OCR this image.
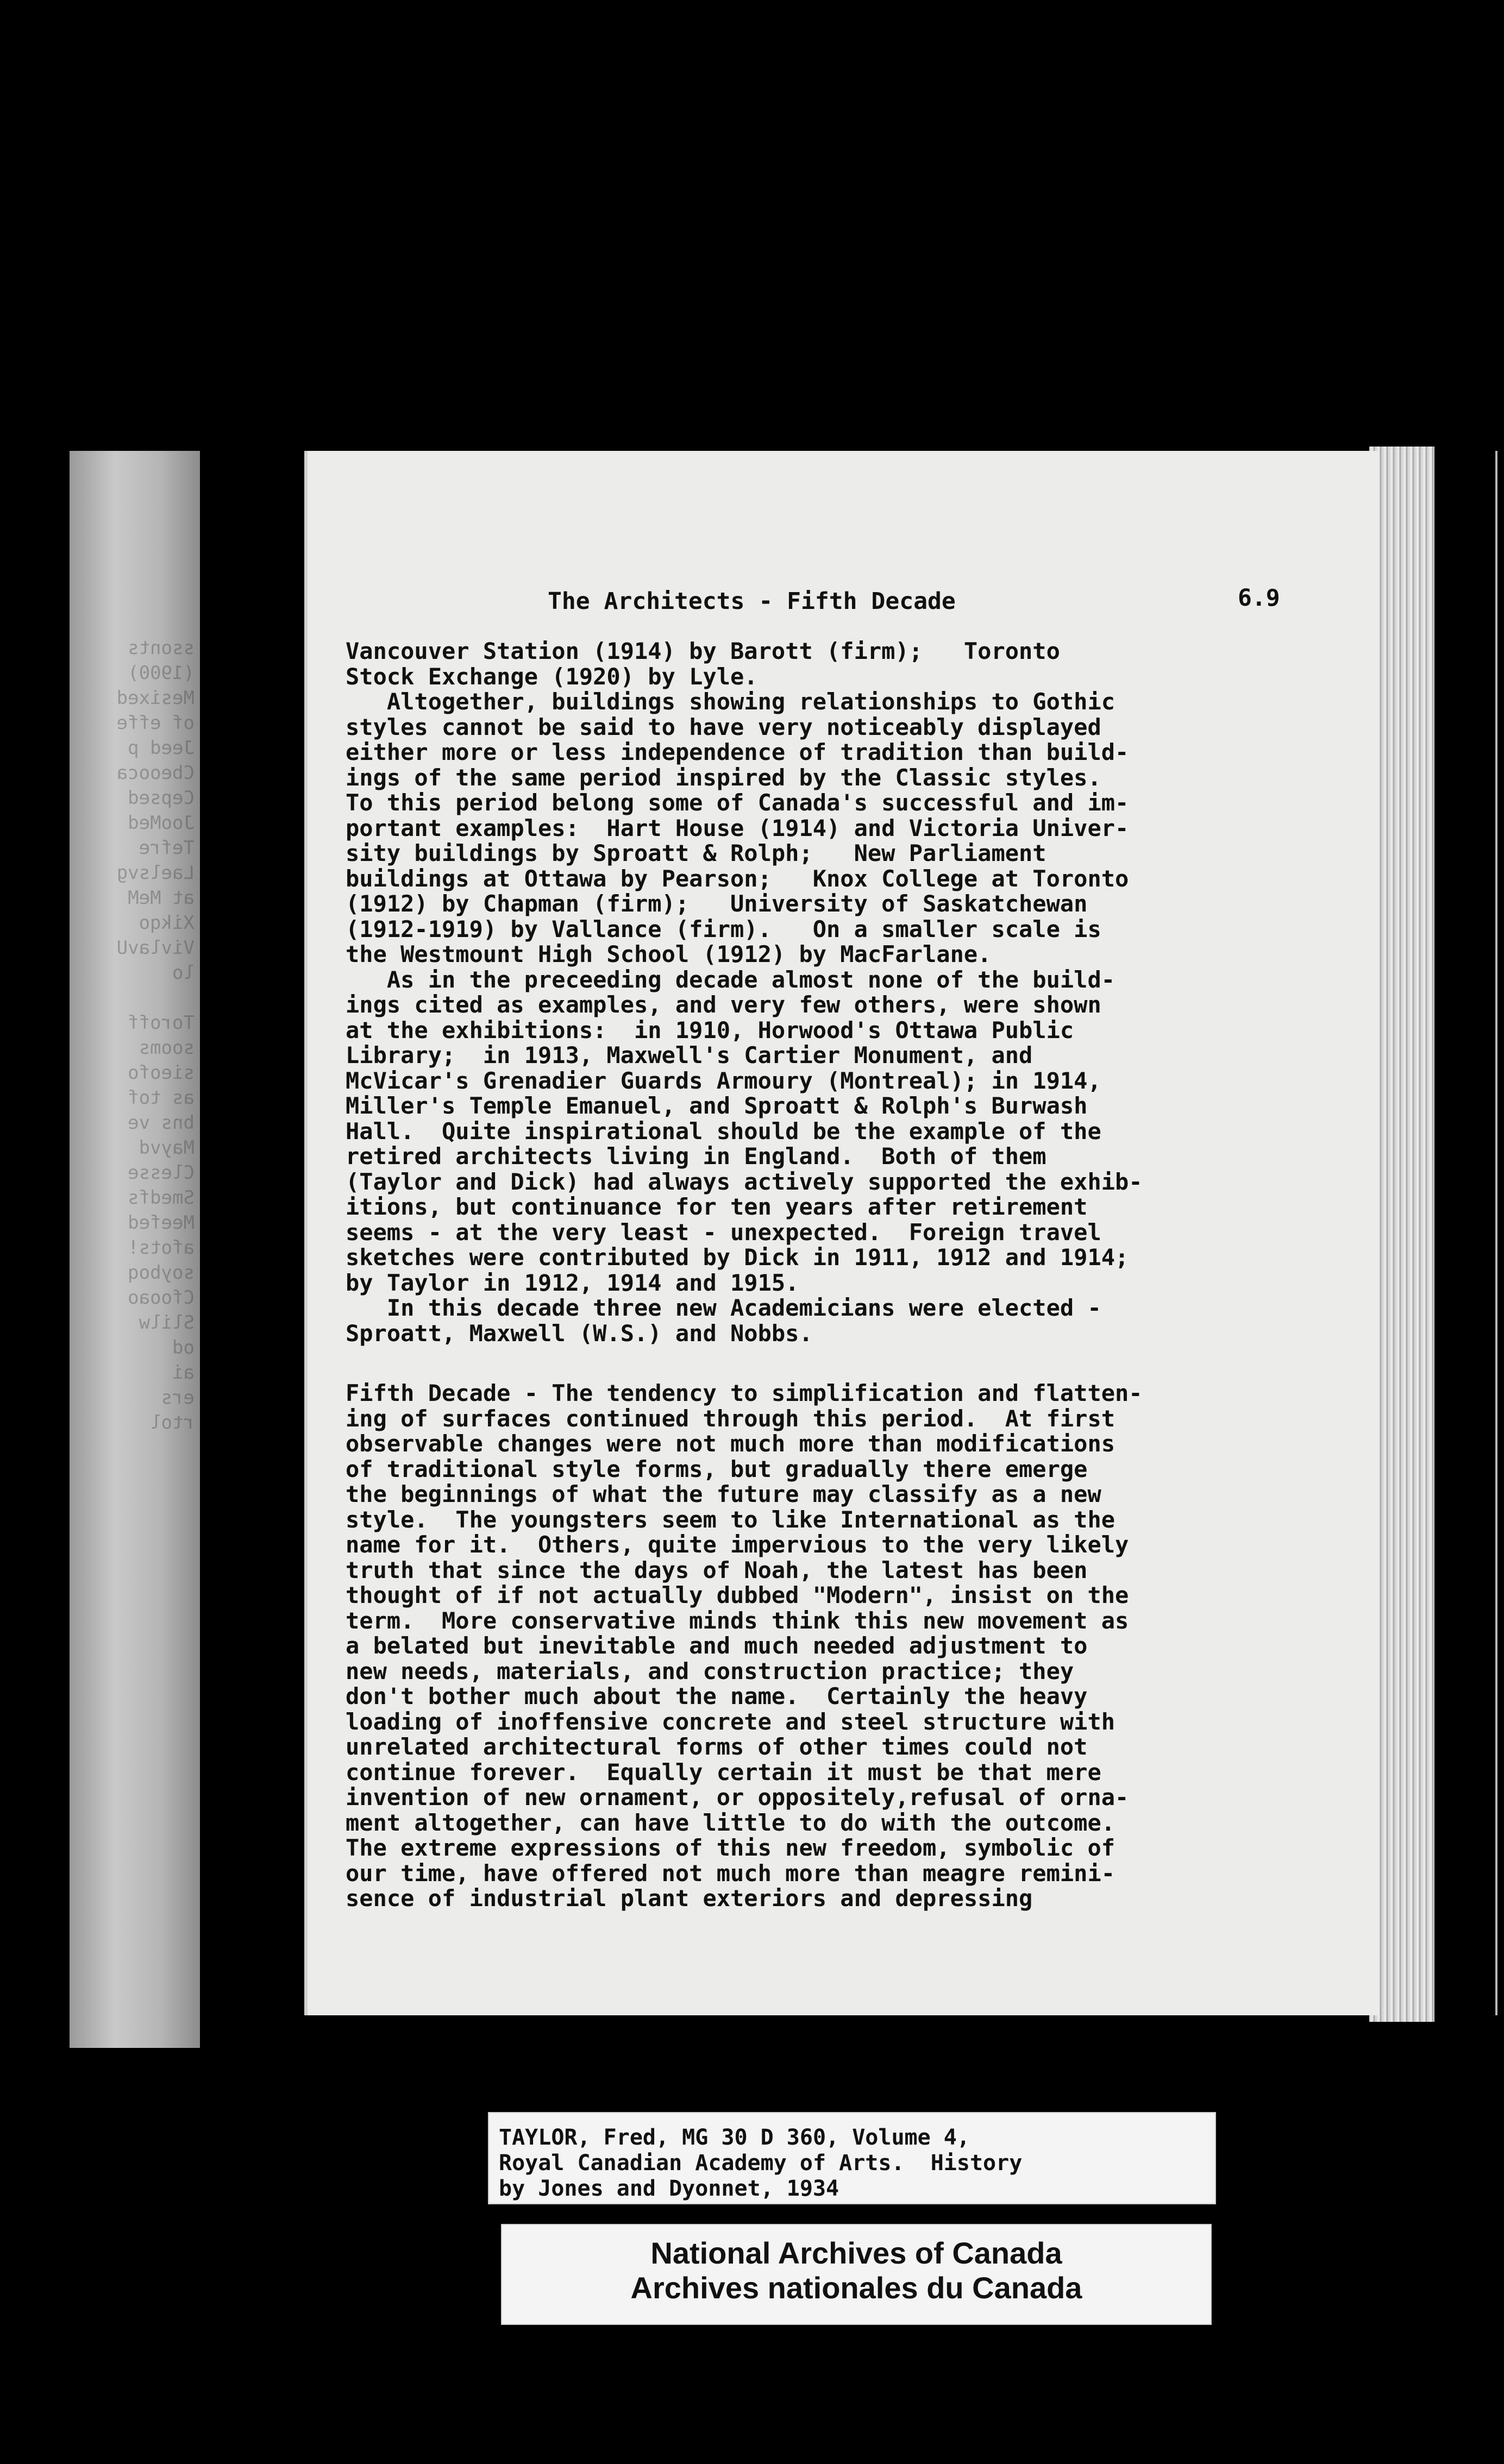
ssonts
(1900)
Mesixed
of effe
Jeed p
Cbeooca
Cepsed
JooMed
Tefre
Laelsvg
at MeM
Xikqo
VivlavU
lo

Toroff
sooms
sieofo
as tof
bns ve
Mayvd
Clesse
Smedfs
Meefed
afots!
soyboq
Cfooao
Slilw
od
ai
ers
rtol
The Architects - Fifth Decade	6.9
Vancouver Station (1914) by Barott (firm);   Toronto
Stock Exchange (1920) by Lyle.
Altogether, buildings showing relationships to Gothic
styles cannot be said to have very noticeably displayed
either more or less independence of tradition than build-
ings of the same period inspired by the Classic styles.
To this period belong some of Canada's successful and im-
portant examples:  Hart House (1914) and Victoria Univer-
sity buildings by Sproatt & Rolph;   New Parliament
buildings at Ottawa by Pearson;   Knox College at Toronto
(1912) by Chapman (firm);   University of Saskatchewan
(1912-1919) by Vallance (firm).   On a smaller scale is
the Westmount High School (1912) by MacFarlane.
As in the preceeding decade almost none of the build-
ings cited as examples, and very few others, were shown
at the exhibitions:  in 1910, Horwood's Ottawa Public
Library;  in 1913, Maxwell's Cartier Monument, and
McVicar's Grenadier Guards Armoury (Montreal); in 1914,
Miller's Temple Emanuel, and Sproatt & Rolph's Burwash
Hall.  Quite inspirational should be the example of the
retired architects living in England.  Both of them
(Taylor and Dick) had always actively supported the exhib-
itions, but continuance for ten years after retirement
seems - at the very least - unexpected.  Foreign travel
sketches were contributed by Dick in 1911, 1912 and 1914;
by Taylor in 1912, 1914 and 1915.
In this decade three new Academicians were elected -
Sproatt, Maxwell (W.S.) and Nobbs.
Fifth Decade - The tendency to simplification and flatten-
ing of surfaces continued through this period.  At first
observable changes were not much more than modifications
of traditional style forms, but gradually there emerge
the beginnings of what the future may classify as a new
style.  The youngsters seem to like International as the
name for it.  Others, quite impervious to the very likely
truth that since the days of Noah, the latest has been
thought of if not actually dubbed "Modern", insist on the
term.  More conservative minds think this new movement as
a belated but inevitable and much needed adjustment to
new needs, materials, and construction practice; they
don't bother much about the name.  Certainly the heavy
loading of inoffensive concrete and steel structure with
unrelated architectural forms of other times could not
continue forever.  Equally certain it must be that mere
invention of new ornament, or oppositely,refusal of orna-
ment altogether, can have little to do with the outcome.
The extreme expressions of this new freedom, symbolic of
our time, have offered not much more than meagre remini-
sence of industrial plant exteriors and depressing
TAYLOR, Fred, MG 30 D 360, Volume 4,
Royal Canadian Academy of Arts.  History
by Jones and Dyonnet, 1934
National Archives of Canada
Archives nationales du Canada
